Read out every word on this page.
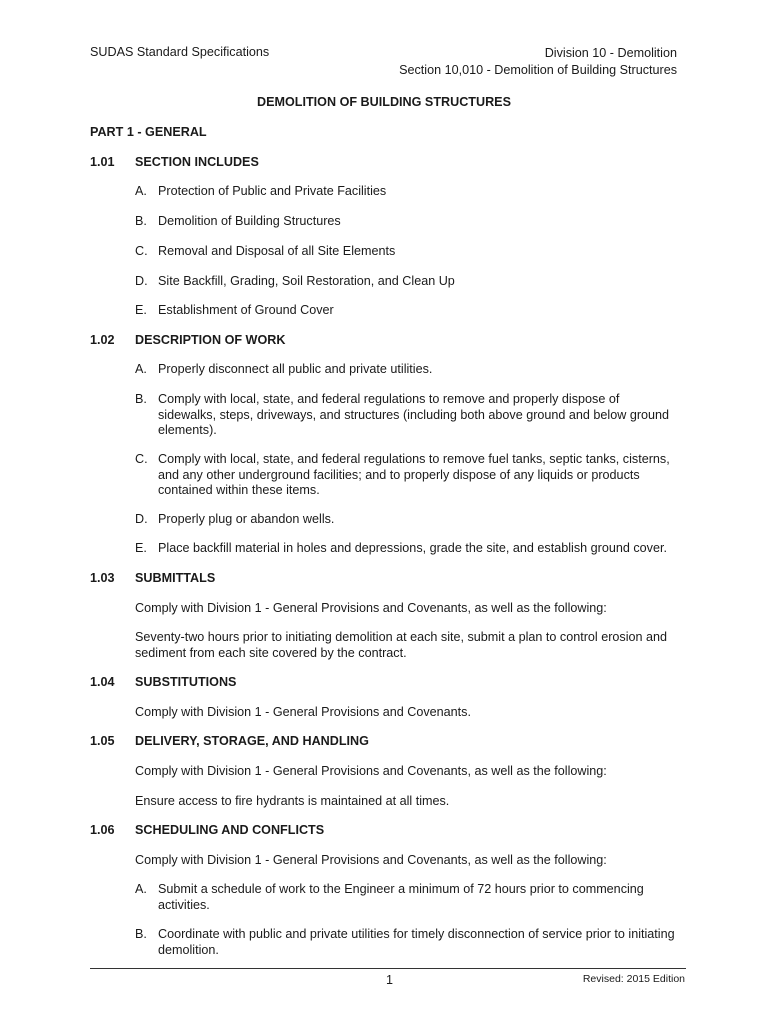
SUDAS Standard Specifications	Division 10 - Demolition
Section 10,010 - Demolition of Building Structures
DEMOLITION OF BUILDING STRUCTURES
PART 1 - GENERAL
1.01 SECTION INCLUDES
A. Protection of Public and Private Facilities
B. Demolition of Building Structures
C. Removal and Disposal of all Site Elements
D. Site Backfill, Grading, Soil Restoration, and Clean Up
E. Establishment of Ground Cover
1.02 DESCRIPTION OF WORK
A. Properly disconnect all public and private utilities.
B. Comply with local, state, and federal regulations to remove and properly dispose of sidewalks, steps, driveways, and structures (including both above ground and below ground elements).
C. Comply with local, state, and federal regulations to remove fuel tanks, septic tanks, cisterns, and any other underground facilities; and to properly dispose of any liquids or products contained within these items.
D. Properly plug or abandon wells.
E. Place backfill material in holes and depressions, grade the site, and establish ground cover.
1.03 SUBMITTALS
Comply with Division 1 - General Provisions and Covenants, as well as the following:
Seventy-two hours prior to initiating demolition at each site, submit a plan to control erosion and sediment from each site covered by the contract.
1.04 SUBSTITUTIONS
Comply with Division 1 - General Provisions and Covenants.
1.05 DELIVERY, STORAGE, AND HANDLING
Comply with Division 1 - General Provisions and Covenants, as well as the following:
Ensure access to fire hydrants is maintained at all times.
1.06 SCHEDULING AND CONFLICTS
Comply with Division 1 - General Provisions and Covenants, as well as the following:
A. Submit a schedule of work to the Engineer a minimum of 72 hours prior to commencing activities.
B. Coordinate with public and private utilities for timely disconnection of service prior to initiating demolition.
1	Revised: 2015 Edition
